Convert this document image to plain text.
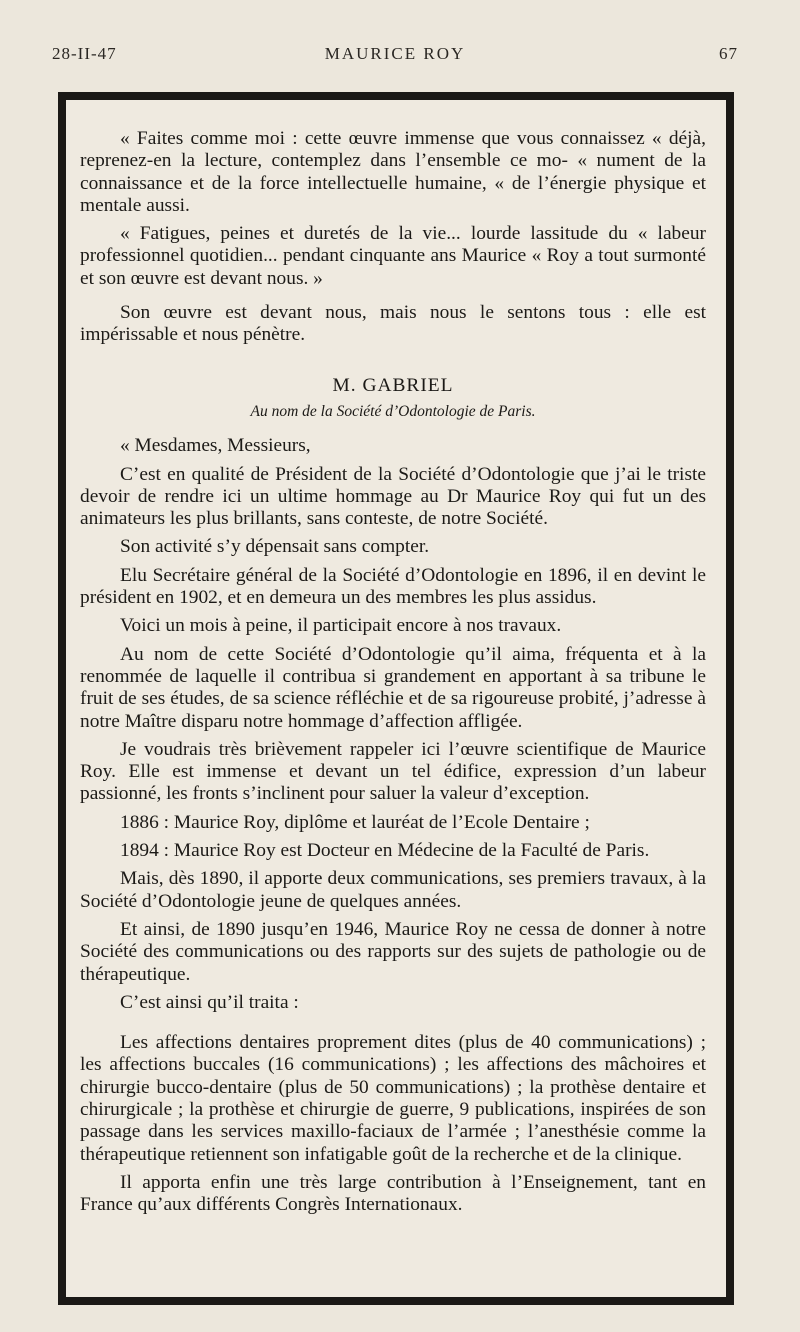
28-II-47	MAURICE ROY	67

« Faites comme moi : cette œuvre immense que vous connaissez « déjà, reprenez-en la lecture, contemplez dans l’ensemble ce mo- « nument de la connaissance et de la force intellectuelle humaine, « de l’énergie physique et mentale aussi.

« Fatigues, peines et duretés de la vie... lourde lassitude du « labeur professionnel quotidien... pendant cinquante ans Maurice « Roy a tout surmonté et son œuvre est devant nous. »

Son œuvre est devant nous, mais nous le sentons tous : elle est impérissable et nous pénètre.

M. GABRIEL

Au nom de la Société d’Odontologie de Paris.

« Mesdames, Messieurs,

C’est en qualité de Président de la Société d’Odontologie que j’ai le triste devoir de rendre ici un ultime hommage au Dr Maurice Roy qui fut un des animateurs les plus brillants, sans conteste, de notre Société.

Son activité s’y dépensait sans compter.

Elu Secrétaire général de la Société d’Odontologie en 1896, il en devint le président en 1902, et en demeura un des membres les plus assidus.

Voici un mois à peine, il participait encore à nos travaux.

Au nom de cette Société d’Odontologie qu’il aima, fréquenta et à la renommée de laquelle il contribua si grandement en apportant à sa tribune le fruit de ses études, de sa science réfléchie et de sa rigoureuse probité, j’adresse à notre Maître disparu notre hommage d’affection affligée.

Je voudrais très brièvement rappeler ici l’œuvre scientifique de Maurice Roy. Elle est immense et devant un tel édifice, expression d’un labeur passionné, les fronts s’inclinent pour saluer la valeur d’exception.

1886 : Maurice Roy, diplôme et lauréat de l’Ecole Dentaire ;

1894 : Maurice Roy est Docteur en Médecine de la Faculté de Paris.

Mais, dès 1890, il apporte deux communications, ses premiers travaux, à la Société d’Odontologie jeune de quelques années.

Et ainsi, de 1890 jusqu’en 1946, Maurice Roy ne cessa de donner à notre Société des communications ou des rapports sur des sujets de pathologie ou de thérapeutique.

C’est ainsi qu’il traita :

Les affections dentaires proprement dites (plus de 40 communications) ; les affections buccales (16 communications) ; les affections des mâchoires et chirurgie bucco-dentaire (plus de 50 communications) ; la prothèse dentaire et chirurgicale ; la prothèse et chirurgie de guerre, 9 publications, inspirées de son passage dans les services maxillo-faciaux de l’armée ; l’anesthésie comme la thérapeutique retiennent son infatigable goût de la recherche et de la clinique.

Il apporta enfin une très large contribution à l’Enseignement, tant en France qu’aux différents Congrès Internationaux.
